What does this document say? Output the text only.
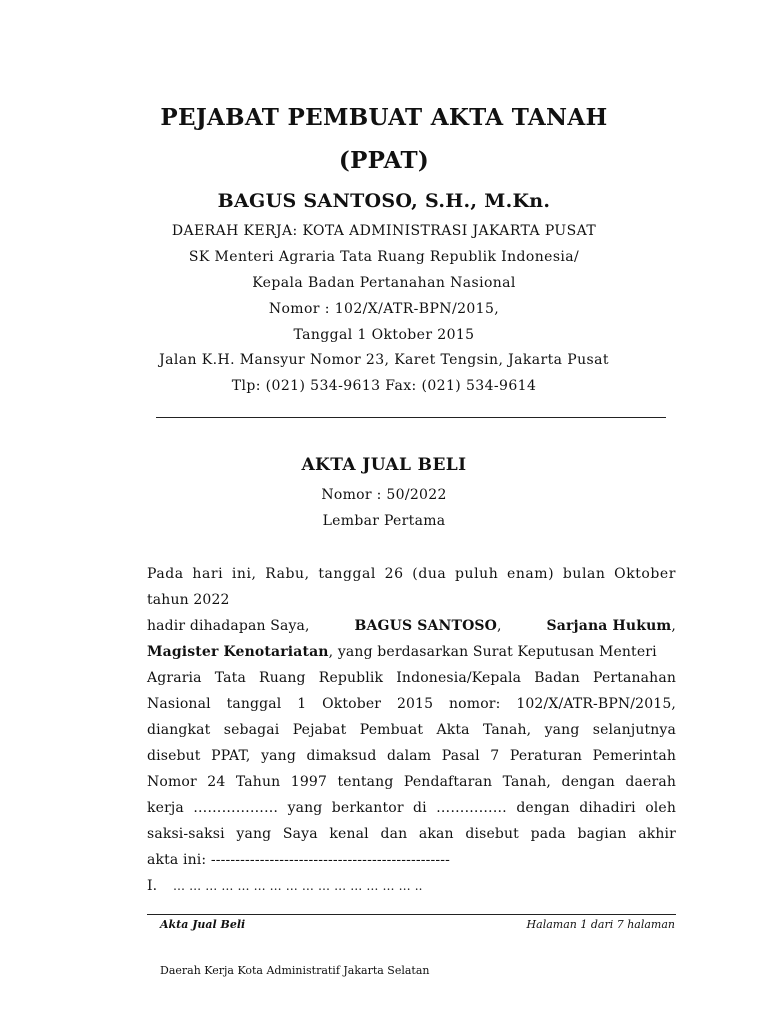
PEJABAT PEMBUAT AKTA TANAH
(PPAT)
BAGUS SANTOSO, S.H., M.Kn.
DAERAH KERJA: KOTA ADMINISTRASI JAKARTA PUSAT
SK Menteri Agraria Tata Ruang Republik Indonesia/
Kepala Badan Pertanahan Nasional
Nomor : 102/X/ATR-BPN/2015,
Tanggal 1 Oktober 2015
Jalan K.H. Mansyur Nomor 23, Karet Tengsin, Jakarta Pusat
Tlp: (021) 534-9613 Fax: (021) 534-9614
AKTA JUAL BELI
Nomor : 50/2022
Lembar Pertama
Pada hari ini, Rabu, tanggal 26 (dua puluh enam) bulan Oktober
tahun 2022
hadir dihadapan Saya,	BAGUS SANTOSO,	Sarjana Hukum,
Magister Kenotariatan, yang berdasarkan Surat Keputusan Menteri
Agraria Tata Ruang Republik Indonesia/Kepala Badan Pertanahan
Nasional tanggal 1 Oktober 2015 nomor: 102/X/ATR-BPN/2015,
diangkat sebagai Pejabat Pembuat Akta Tanah, yang selanjutnya
disebut PPAT, yang dimaksud dalam Pasal 7 Peraturan Pemerintah
Nomor 24 Tahun 1997 tentang Pendaftaran Tanah, dengan daerah
kerja ……………… yang berkantor di …………… dengan dihadiri oleh
saksi-saksi yang Saya kenal dan akan disebut pada bagian akhir
akta ini: -------------------------------------------------
I. … … … … … … … … … … … … … … … ..
Akta Jual Beli	Halaman 1 dari 7 halaman
Daerah Kerja Kota Administratif Jakarta Selatan
